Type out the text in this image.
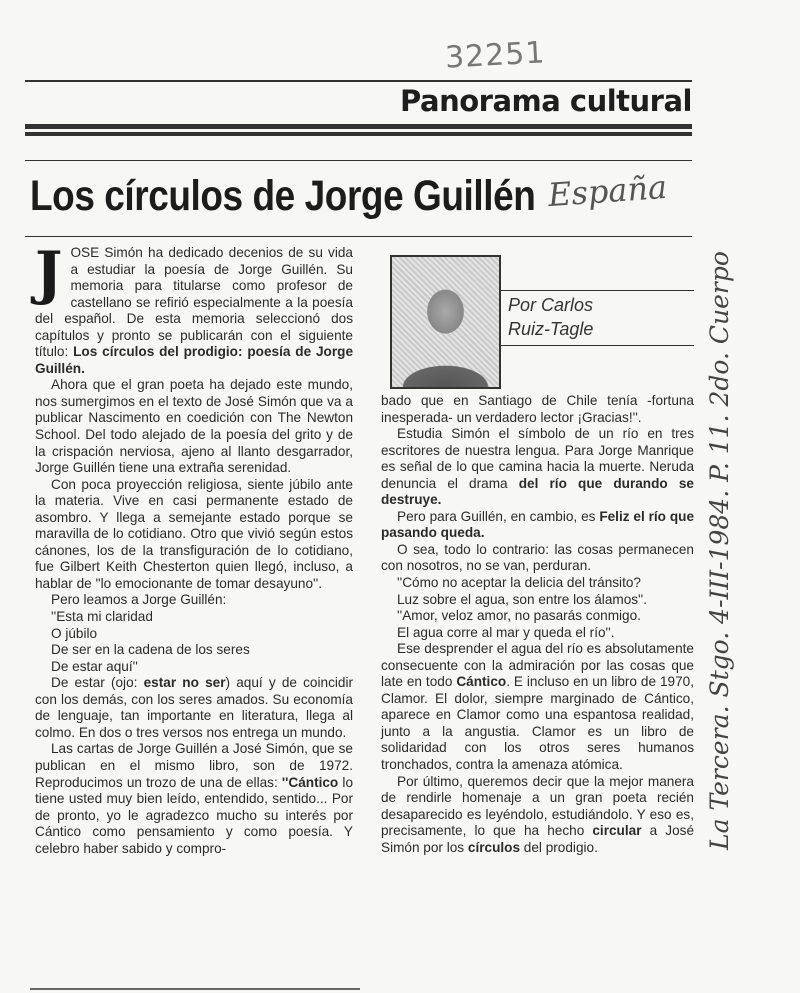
32251
Panorama cultural
Los círculos de Jorge Guillén España
Por Carlos
Ruiz-Tagle
J OSE Simón ha dedicado decenios de su vida a estudiar la poesía de Jorge Guillén. Su memoria para titularse como profesor de castellano se refirió especialmente a la poesía del español. De esta memoria seleccionó dos capítulos y pronto se publicarán con el siguiente título: Los círculos del prodigio: poesía de Jorge Guillén.

Ahora que el gran poeta ha dejado este mundo, nos sumergimos en el texto de José Simón que va a publicar Nascimento en coedición con The Newton School. Del todo alejado de la poesía del grito y de la crispación nerviosa, ajeno al llanto desgarrador, Jorge Guillén tiene una extraña serenidad.

Con poca proyección religiosa, siente júbilo ante la materia. Vive en casi permanente estado de asombro. Y llega a semejante estado porque se maravilla de lo cotidiano. Otro que vivió según estos cánones, los de la transfiguración de lo cotidiano, fue Gilbert Keith Chesterton quien llegó, incluso, a hablar de ''lo emocionante de tomar desayuno''.

Pero leamos a Jorge Guillén:

''Esta mi claridad

O júbilo

De ser en la cadena de los seres

De estar aquí''

De estar (ojo: estar no ser) aquí y de coincidir con los demás, con los seres amados. Su economía de lenguaje, tan importante en literatura, llega al colmo. En dos o tres versos nos entrega un mundo.

Las cartas de Jorge Guillén a José Simón, que se publican en el mismo libro, son de 1972. Reproducimos un trozo de una de ellas: ''Cántico lo tiene usted muy bien leído, entendido, sentido... Por de pronto, yo le agradezco mucho su interés por Cántico como pensamiento y como poesía. Y celebro haber sabido y compro-

bado que en Santiago de Chile tenía -fortuna inesperada- un verdadero lector ¡Gracias!''.

Estudia Simón el símbolo de un río en tres escritores de nuestra lengua. Para Jorge Manrique es señal de lo que camina hacia la muerte. Neruda denuncia el drama del río que durando se destruye.

Pero para Guillén, en cambio, es Feliz el río que pasando queda.

O sea, todo lo contrario: las cosas permanecen con nosotros, no se van, perduran.

''Cómo no aceptar la delicia del tránsito?

Luz sobre el agua, son entre los álamos''.

''Amor, veloz amor, no pasarás conmigo.

El agua corre al mar y queda el río''.

Ese desprender el agua del río es absolutamente consecuente con la admiración por las cosas que late en todo Cántico. E incluso en un libro de 1970, Clamor. El dolor, siempre marginado de Cántico, aparece en Clamor como una espantosa realidad, junto a la angustia. Clamor es un libro de solidaridad con los otros seres humanos tronchados, contra la amenaza atómica.

Por último, queremos decir que la mejor manera de rendirle homenaje a un gran poeta recién desaparecido es leyéndolo, estudiándolo. Y eso es, precisamente, lo que ha hecho circular a José Simón por los círculos del prodigio.	La Tercera. Stgo. 4-III-1984. P. 11. 2do. Cuerpo
